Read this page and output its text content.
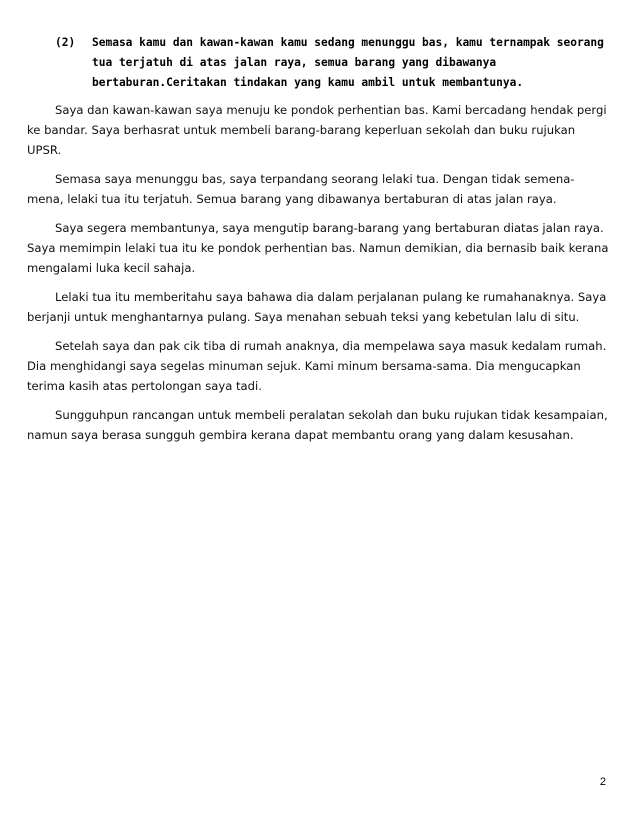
(2) Semasa kamu dan kawan-kawan kamu sedang menunggu bas, kamu ternampak seorang tua terjatuh di atas jalan raya, semua barang yang dibawanya bertaburan.Ceritakan tindakan yang kamu ambil untuk membantunya.

Saya dan kawan-kawan saya menuju ke pondok perhentian bas. Kami bercadang hendak pergi ke bandar. Saya berhasrat untuk membeli barang-barang keperluan sekolah dan buku rujukan UPSR.

Semasa saya menunggu bas, saya terpandang seorang lelaki tua. Dengan tidak semena-mena, lelaki tua itu terjatuh. Semua barang yang dibawanya bertaburan di atas jalan raya.

Saya segera membantunya, saya mengutip barang-barang yang bertaburan diatas jalan raya. Saya memimpin lelaki tua itu ke pondok perhentian bas. Namun demikian, dia bernasib baik kerana mengalami luka kecil sahaja.

Lelaki tua itu memberitahu saya bahawa dia dalam perjalanan pulang ke rumahanaknya. Saya berjanji untuk menghantarnya pulang. Saya menahan sebuah teksi yang kebetulan lalu di situ.

Setelah saya dan pak cik tiba di rumah anaknya, dia mempelawa saya masuk kedalam rumah. Dia menghidangi saya segelas minuman sejuk. Kami minum bersama-sama. Dia mengucapkan terima kasih atas pertolongan saya tadi.

Sungguhpun rancangan untuk membeli peralatan sekolah dan buku rujukan tidak kesampaian, namun saya berasa sungguh gembira kerana dapat membantu orang yang dalam kesusahan.

2
